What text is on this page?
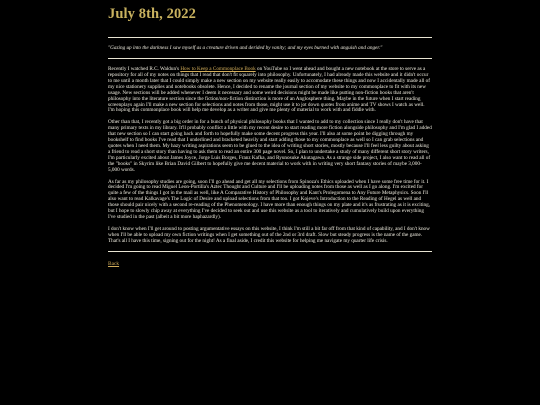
July 8th, 2022

"Gazing up into the darkness I saw myself as a creature driven and derided by vanity; and my eyes burned with anguish and anger."

Recently I watched R.C. Waldun's How to Keep a Commonplace Book on YouTube so I went ahead and bought a new notebook at the store to serve as a repository for all of my notes on things that I read that don't fit squarely into philosophy. Unfortunately, I had already made this website and it didn't occur to me until a month later that I could simply make a new section on my website really easily to accomodate these things and now I accidentally made all of my nice stationery supplies and notebooks obsolete. Hence, I decided to rename the journal section of my website to my commonplace to fit with its new usage. New sections will be added whenever I deem it necessary and some weird decisions might be made like putting non-fiction books that aren't philosophy into the literature section since the fiction/non-fiction distinction is more of an Anglosphere thing. Maybe in the future when I start reading screenplays again I'll make a new section for selections and notes from those, might use it to jot down quotes from anime and TV shows I watch as well. I'm hoping this commonplace book will help me develop as a writer and give me plenty of material to work with and fiddle with.

Other than that, I recently got a big order in for a bunch of physical philosophy books that I wanted to add to my collection since I really don't have that many primary texts in my library. It'll probably conflict a little with my recent desire to start reading more fiction alongside philosophy and I'm glad I added that new section so I can start going back and forth to hopefully make some decent progress this year. I'll also at some point be digging through my bookshelf to find books I've read that I underlined and bracketed heavily and start adding those to my commonplace as well so I can grab selections and quotes when I need them. My hazy writing aspirations seem to be glued to the idea of writing short stories, mostly because I'll feel less guilty about asking a friend to read a short story than having to ask them to read an entire 300 page novel. So, I plan to undertake a study of many different short story writers, I'm particularly excited about James Joyce, Jorge Luis Borges, Franz Kafka, and Ryunosuke Akutagawa. As a strange side project, I also want to read all of the "books" in Skyrim like Brian David Gilbert to hopefully give me decent material to work with in writing very short fantasy stories of maybe 3,000-5,000 words.

As far as my philosophy studies are going, soon I'll go ahead and get all my selections from Spinoza's Ethics uploaded when I have some free time for it. I decided I'm going to read Miguel Leon-Portilla's Aztec Thought and Culture and I'll be uploading notes from those as well as I go along. I'm excited for quite a few of the things I got in the mail as well, like A Comparative History of Philosophy and Kant's Prolegomena to Any Future Metaphysics. Soon I'll also want to read Kalkavage's The Logic of Desire and upload selections from that too. I got Kojeve's Introduction to the Reading of Hegel as well and those should pair nicely with a second re-reading of the Phenomenology. I have more than enough things on my plate and it's as frustrating as it is exciting, but I hope to slowly chip away at everything I've decided to seek out and use this website as a tool to iteratively and cumulatively build upon everything I've studied in the past (albeit a bit more haphazardly).

I don't know when I'll get around to posting argumentative essays on this website, I think I'm still a bit far off from that kind of capability, and I don't know when I'll be able to upload my own fiction writings when I get something out of the 2nd or 3rd draft. Slow but steady progress is the name of the game. That's all I have this time, signing out for the night! As a final aside, I credit this website for helping me navigate my quarter life crisis.

Back
